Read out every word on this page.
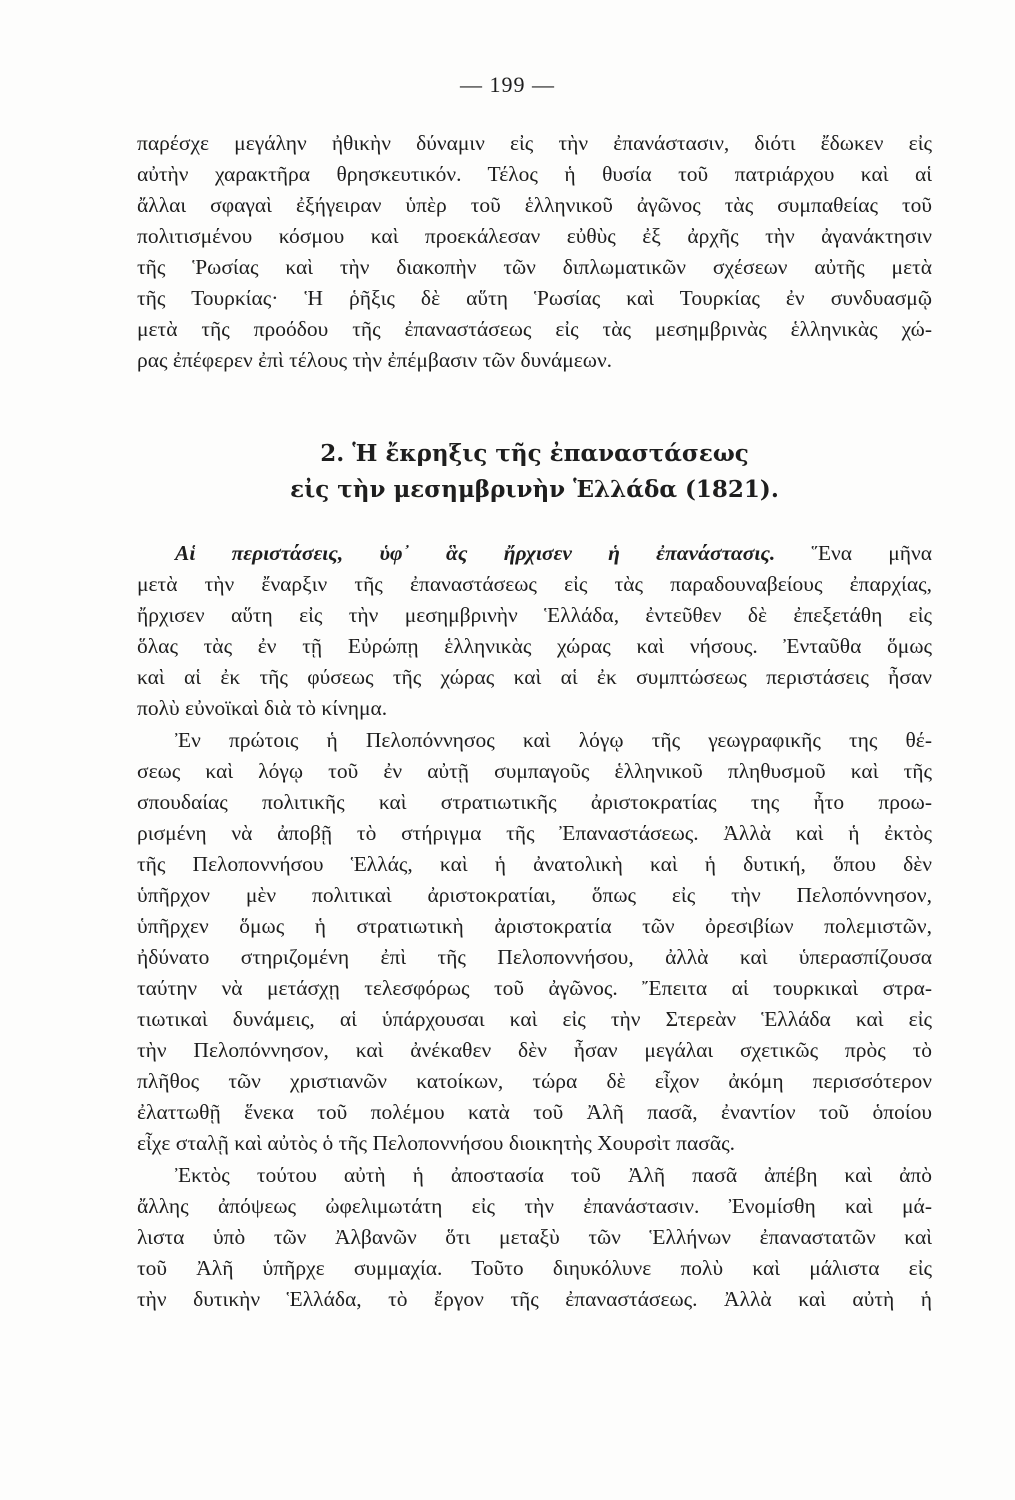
— 199 —
παρέσχε μεγάλην ἠθικὴν δύναμιν εἰς τὴν ἐπανάστασιν, διότι ἔδωκεν εἰς
αὐτὴν χαρακτῆρα θρησκευτικόν. Τέλος ἡ θυσία τοῦ πατριάρχου καὶ αἱ
ἄλλαι σφαγαὶ ἐξήγειραν ὑπὲρ τοῦ ἑλληνικοῦ ἀγῶνος τὰς συμπαθείας τοῦ
πολιτισμένου κόσμου καὶ προεκάλεσαν εὐθὺς ἐξ ἀρχῆς τὴν ἀγανάκτησιν
τῆς Ῥωσίας καὶ τὴν διακοπὴν τῶν διπλωματικῶν σχέσεων αὐτῆς μετὰ
τῆς Τουρκίας· Ἡ ῥῆξις δὲ αὕτη Ῥωσίας καὶ Τουρκίας ἐν συνδυασμῷ
μετὰ τῆς προόδου τῆς ἐπαναστάσεως εἰς τὰς μεσημβρινὰς ἑλληνικὰς χώ-
ρας ἐπέφερεν ἐπὶ τέλους τὴν ἐπέμβασιν τῶν δυνάμεων.
2. Ἡ ἔκρηξις τῆς ἐπαναστάσεως
εἰς τὴν μεσημβρινὴν Ἑλλάδα (1821).
Αἱ περιστάσεις, ὑφ᾽ ἃς ἤρχισεν ἡ ἐπανάστασις. Ἕνα μῆνα
μετὰ τὴν ἔναρξιν τῆς ἐπαναστάσεως εἰς τὰς παραδουναβείους ἐπαρχίας,
ἤρχισεν αὕτη εἰς τὴν μεσημβρινὴν Ἑλλάδα, ἐντεῦθεν δὲ ἐπεξετάθη εἰς
ὅλας τὰς ἐν τῇ Εὐρώπῃ ἑλληνικὰς χώρας καὶ νήσους. Ἐνταῦθα ὅμως
καὶ αἱ ἐκ τῆς φύσεως τῆς χώρας καὶ αἱ ἐκ συμπτώσεως περιστάσεις ἦσαν
πολὺ εὐνοϊκαὶ διὰ τὸ κίνημα.
Ἐν πρώτοις ἡ Πελοπόννησος καὶ λόγῳ τῆς γεωγραφικῆς της θέ-
σεως καὶ λόγῳ τοῦ ἐν αὐτῇ συμπαγοῦς ἑλληνικοῦ πληθυσμοῦ καὶ τῆς
σπουδαίας πολιτικῆς καὶ στρατιωτικῆς ἀριστοκρατίας της ἦτο προω-
ρισμένη νὰ ἀποβῇ τὸ στήριγμα τῆς Ἐπαναστάσεως. Ἀλλὰ καὶ ἡ ἐκτὸς
τῆς Πελοποννήσου Ἑλλάς, καὶ ἡ ἀνατολικὴ καὶ ἡ δυτική, ὅπου δὲν
ὑπῆρχον μὲν πολιτικαὶ ἀριστοκρατίαι, ὅπως εἰς τὴν Πελοπόννησον,
ὑπῆρχεν ὅμως ἡ στρατιωτικὴ ἀριστοκρατία τῶν ὀρεσιβίων πολεμιστῶν,
ἠδύνατο στηριζομένη ἐπὶ τῆς Πελοποννήσου, ἀλλὰ καὶ ὑπερασπίζουσα
ταύτην νὰ μετάσχῃ τελεσφόρως τοῦ ἀγῶνος. Ἔπειτα αἱ τουρκικαὶ στρα-
τιωτικαὶ δυνάμεις, αἱ ὑπάρχουσαι καὶ εἰς τὴν Στερεὰν Ἑλλάδα καὶ εἰς
τὴν Πελοπόννησον, καὶ ἀνέκαθεν δὲν ἦσαν μεγάλαι σχετικῶς πρὸς τὸ
πλῆθος τῶν χριστιανῶν κατοίκων, τώρα δὲ εἶχον ἀκόμη περισσότερον
ἐλαττωθῇ ἕνεκα τοῦ πολέμου κατὰ τοῦ Ἀλῆ πασᾶ, ἐναντίον τοῦ ὁποίου
εἶχε σταλῇ καὶ αὐτὸς ὁ τῆς Πελοποννήσου διοικητὴς Χουρσὶτ πασᾶς.
Ἐκτὸς τούτου αὐτὴ ἡ ἀποστασία τοῦ Ἀλῆ πασᾶ ἀπέβη καὶ ἀπὸ
ἄλλης ἀπόψεως ὠφελιμωτάτη εἰς τὴν ἐπανάστασιν. Ἐνομίσθη καὶ μά-
λιστα ὑπὸ τῶν Ἀλβανῶν ὅτι μεταξὺ τῶν Ἑλλήνων ἐπαναστατῶν καὶ
τοῦ Ἀλῆ ὑπῆρχε συμμαχία. Τοῦτο διηυκόλυνε πολὺ καὶ μάλιστα εἰς
τὴν δυτικὴν Ἑλλάδα, τὸ ἔργον τῆς ἐπαναστάσεως. Ἀλλὰ καὶ αὐτὴ ἡ
